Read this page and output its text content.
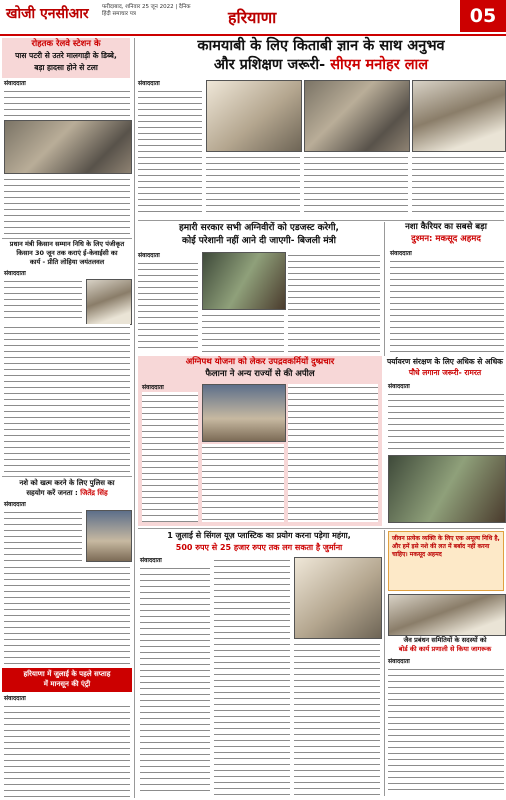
खोजी एनसीआर फरीदाबाद, शनिवार 25 जून 2022 | दैनिक हिंदी समाचार पत्र	हरियाणा	05
रोहतक रेलवे स्टेशन के
पास पटरी से उतरे मालगाड़ी के डिब्बे,
बड़ा हादसा होने से टला
संवाददाता
प्रधान मंत्री किसान सम्मान निधि के लिए पंजीकृत
किसान 30 जून तक कराएं ई-केवाईसी का
कार्य - प्रीति लोहिया जयंतलवल
संवाददाता
नशे को खत्म करने के लिए पुलिस का
सहयोग करें जनता : जितेंद्र सिंह
संवाददाता
हरियाणा में जुलाई के पहले सप्ताह
में मानसून की एंट्री
संवाददाता
कामयाबी के लिए किताबी ज्ञान के साथ अनुभव
और प्रशिक्षण जरूरी- सीएम मनोहर लाल
संवाददाता
हमारी सरकार सभी अग्निवीरों को एडजस्ट करेगी,
कोई परेशानी नहीं आने दी जाएगी- बिजली मंत्री
संवाददाता
नशा कैरियर का सबसे बड़ा
दुश्मन: मकसूद अहमद
संवाददाता
अग्निपथ योजना को लेकर उपद्रवकर्मियों दुष्प्रचार
फैलाना ने अन्य राज्यों से की अपील
संवाददाता
पर्यावरण संरक्षण के लिए अधिक से अधिक
पौधे लगाना जरूरी- रामरत
संवाददाता
1 जुलाई से सिंगल यूज़ प्लास्टिक का प्रयोग करना पड़ेगा महंगा,
500 रुपए से 25 हजार रुपए तक लग सकता है जुर्माना
संवाददाता
जीवन प्रत्येक व्यक्ति के लिए एक अमूल्य निधि है, और हमें इसे नशे की लत में बर्बाद नहीं करना चाहिए। मकसूद अहमद
जैव प्रबंधन समितियों के सदस्यों को
बोर्ड की कार्य प्रणाली से किया जागरूक
संवाददाता
